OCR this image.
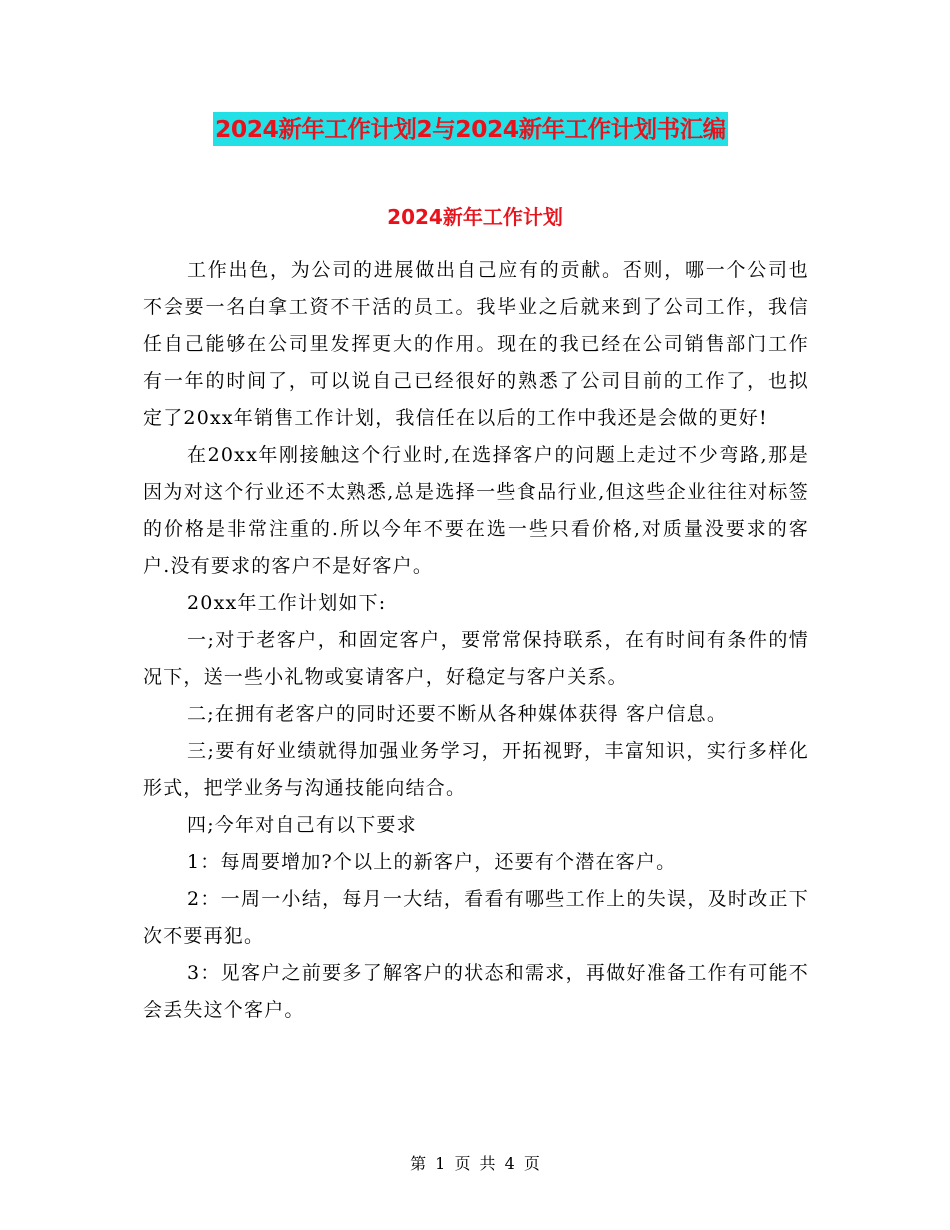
2024新年工作计划2与2024新年工作计划书汇编
2024新年工作计划

工作出色，为公司的进展做出自己应有的贡献。否则，哪一个公司也不会要一名白拿工资不干活的员工。我毕业之后就来到了公司工作，我信任自己能够在公司里发挥更大的作用。现在的我已经在公司销售部门工作有一年的时间了，可以说自己已经很好的熟悉了公司目前的工作了，也拟定了20xx年销售工作计划，我信任在以后的工作中我还是会做的更好!

在20xx年刚接触这个行业时,在选择客户的问题上走过不少弯路,那是因为对这个行业还不太熟悉,总是选择一些食品行业,但这些企业往往对标签的价格是非常注重的.所以今年不要在选一些只看价格,对质量没要求的客户.没有要求的客户不是好客户。

20xx年工作计划如下:

一;对于老客户，和固定客户，要常常保持联系，在有时间有条件的情况下，送一些小礼物或宴请客户，好稳定与客户关系。

二;在拥有老客户的同时还要不断从各种媒体获得 客户信息。

三;要有好业绩就得加强业务学习，开拓视野，丰富知识，实行多样化形式，把学业务与沟通技能向结合。

四;今年对自己有以下要求

1：每周要增加?个以上的新客户，还要有个潜在客户。

2：一周一小结，每月一大结，看看有哪些工作上的失误，及时改正下次不要再犯。

3：见客户之前要多了解客户的状态和需求，再做好准备工作有可能不会丢失这个客户。

第 1 页 共 4 页
